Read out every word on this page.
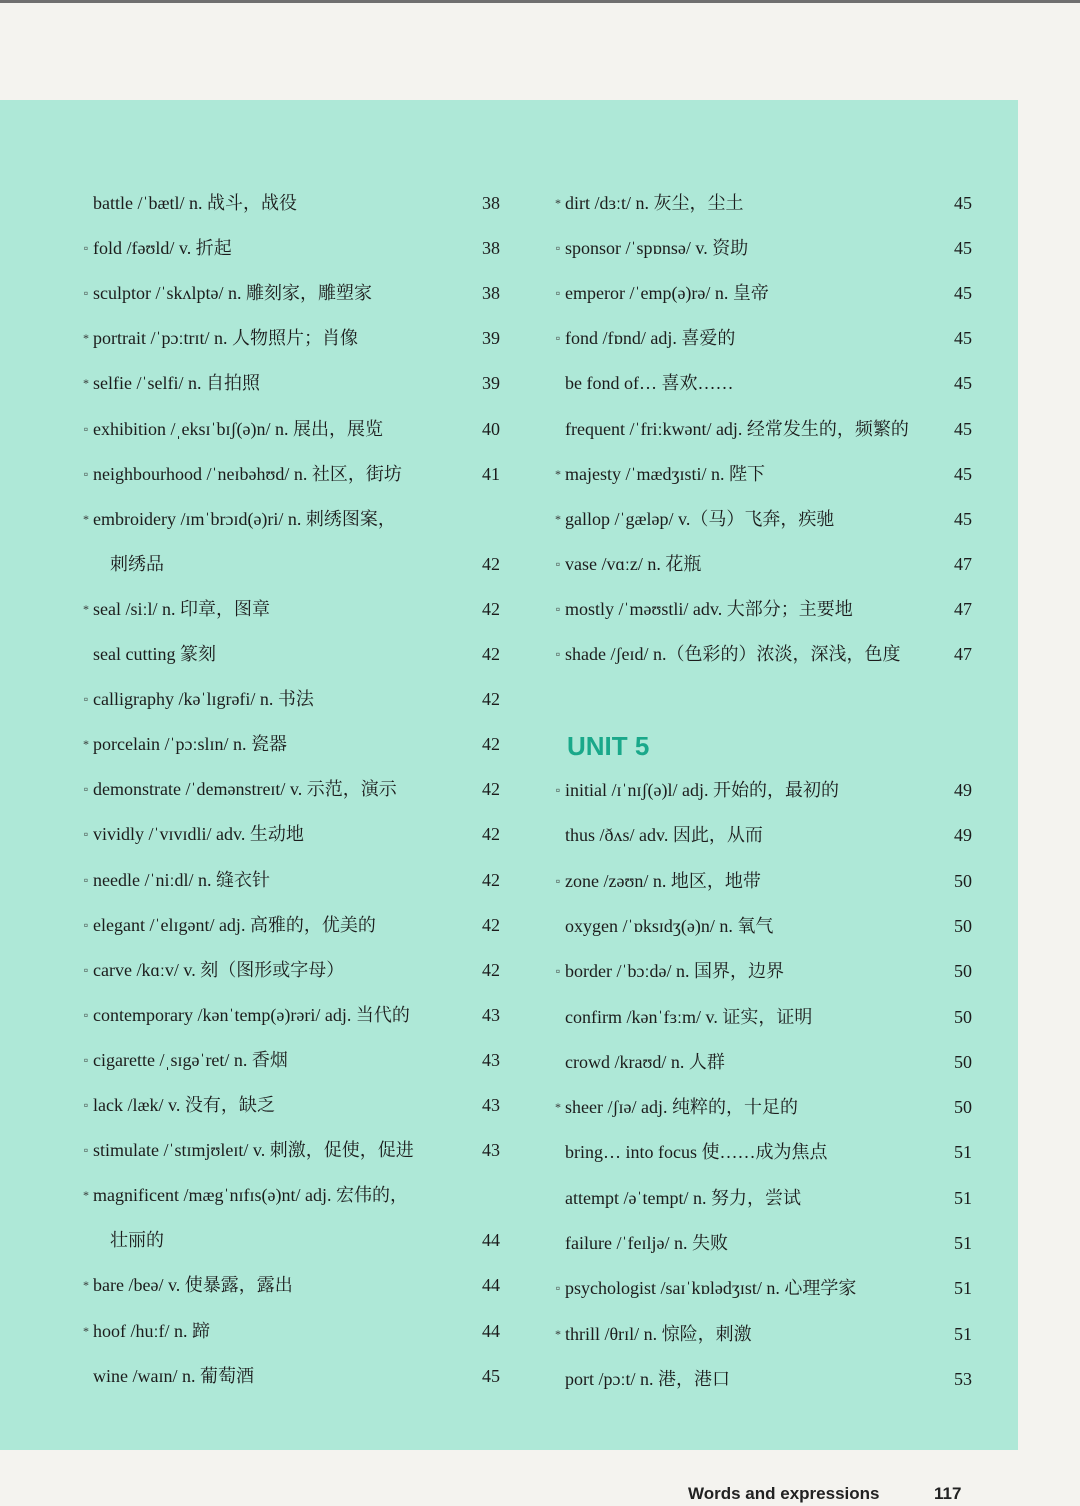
battle /ˈbætl/ n. 战斗，战役	38
▫ fold /fəʊld/ v. 折起	38
▫ sculptor /ˈskʌlptə/ n. 雕刻家，雕塑家	38
* portrait /ˈpɔːtrɪt/ n. 人物照片；肖像	39
* selfie /ˈselfi/ n. 自拍照	39
▫ exhibition /ˌeksɪˈbɪʃ(ə)n/ n. 展出，展览	40
▫ neighbourhood /ˈneɪbəhʊd/ n. 社区，街坊	41
* embroidery /ɪmˈbrɔɪd(ə)ri/ n. 刺绣图案，
刺绣品	42
* seal /siːl/ n. 印章，图章	42
seal cutting 篆刻	42
▫ calligraphy /kəˈlɪgrəfi/ n. 书法	42
* porcelain /ˈpɔːslɪn/ n. 瓷器	42
▫ demonstrate /ˈdemənstreɪt/ v. 示范，演示	42
▫ vividly /ˈvɪvɪdli/ adv. 生动地	42
▫ needle /ˈniːdl/ n. 缝衣针	42
▫ elegant /ˈelɪgənt/ adj. 高雅的，优美的	42
▫ carve /kɑːv/ v. 刻（图形或字母）	42
▫ contemporary /kənˈtemp(ə)rəri/ adj. 当代的	43
▫ cigarette /ˌsɪgəˈret/ n. 香烟	43
▫ lack /læk/ v. 没有，缺乏	43
▫ stimulate /ˈstɪmjʊleɪt/ v. 刺激，促使，促进	43
* magnificent /mægˈnɪfɪs(ə)nt/ adj. 宏伟的，
壮丽的	44
* bare /beə/ v. 使暴露，露出	44
* hoof /huːf/ n. 蹄	44
wine /waɪn/ n. 葡萄酒	45
* dirt /dɜːt/ n. 灰尘，尘土	45
▫ sponsor /ˈspɒnsə/ v. 资助	45
▫ emperor /ˈemp(ə)rə/ n. 皇帝	45
▫ fond /fɒnd/ adj. 喜爱的	45
be fond of… 喜欢……	45
frequent /ˈfriːkwənt/ adj. 经常发生的，频繁的	45
* majesty /ˈmædʒɪsti/ n. 陛下	45
* gallop /ˈgæləp/ v.（马）飞奔，疾驰	45
▫ vase /vɑːz/ n. 花瓶	47
▫ mostly /ˈməʊstli/ adv. 大部分；主要地	47
▫ shade /ʃeɪd/ n.（色彩的）浓淡，深浅，色度	47
▫ initial /ɪˈnɪʃ(ə)l/ adj. 开始的，最初的	49
thus /ðʌs/ adv. 因此，从而	49
▫ zone /zəʊn/ n. 地区，地带	50
oxygen /ˈɒksɪdʒ(ə)n/ n. 氧气	50
▫ border /ˈbɔːdə/ n. 国界，边界	50
confirm /kənˈfɜːm/ v. 证实，证明	50
crowd /kraʊd/ n. 人群	50
* sheer /ʃɪə/ adj. 纯粹的，十足的	50
bring… into focus 使……成为焦点	51
attempt /əˈtempt/ n. 努力，尝试	51
failure /ˈfeɪljə/ n. 失败	51
▫ psychologist /saɪˈkɒlədʒɪst/ n. 心理学家	51
* thrill /θrɪl/ n. 惊险，刺激	51
port /pɔːt/ n. 港，港口	53
UNIT 5
Words and expressions	117
